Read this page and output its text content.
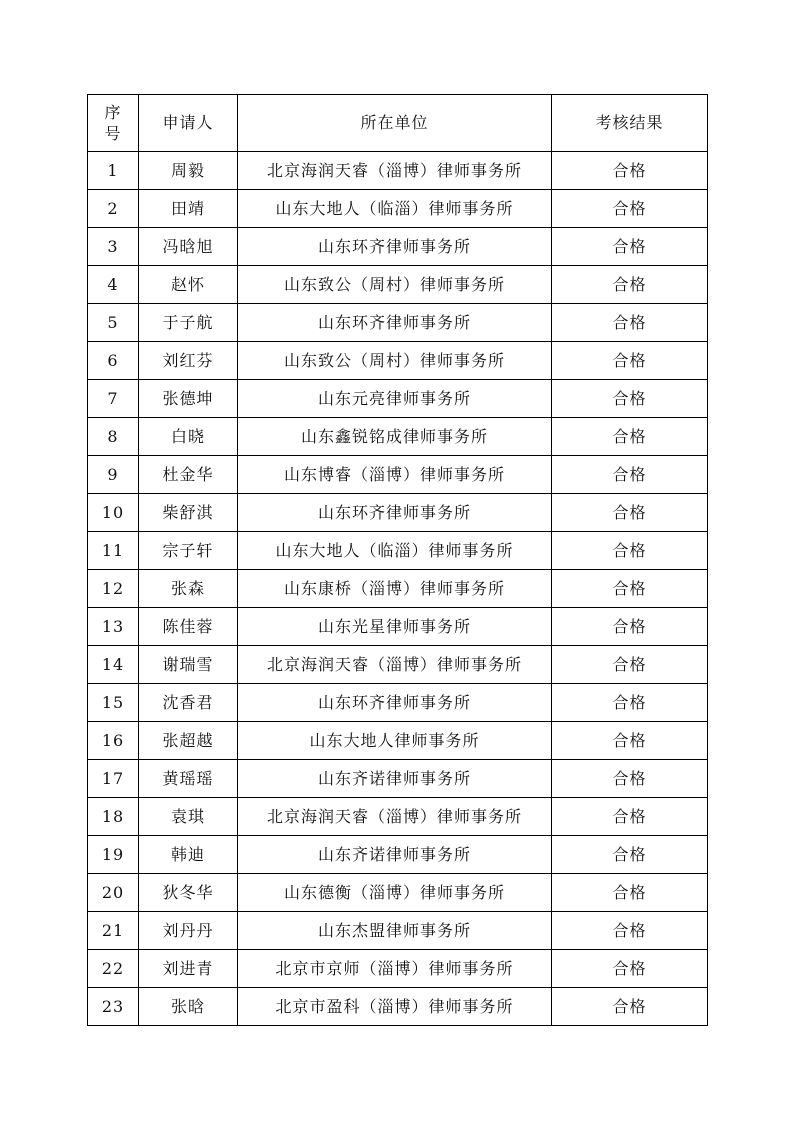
序
号	申请人	所在单位	考核结果
1	周毅	北京海润天睿（淄博）律师事务所	合格
2	田靖	山东大地人（临淄）律师事务所	合格
3	冯晗旭	山东环齐律师事务所	合格
4	赵怀	山东致公（周村）律师事务所	合格
5	于子航	山东环齐律师事务所	合格
6	刘红芬	山东致公（周村）律师事务所	合格
7	张德坤	山东元亮律师事务所	合格
8	白晓	山东鑫锐铭成律师事务所	合格
9	杜金华	山东博睿（淄博）律师事务所	合格
10	柴舒淇	山东环齐律师事务所	合格
11	宗子轩	山东大地人（临淄）律师事务所	合格
12	张森	山东康桥（淄博）律师事务所	合格
13	陈佳蓉	山东光星律师事务所	合格
14	谢瑞雪	北京海润天睿（淄博）律师事务所	合格
15	沈香君	山东环齐律师事务所	合格
16	张超越	山东大地人律师事务所	合格
17	黄瑶瑶	山东齐诺律师事务所	合格
18	袁琪	北京海润天睿（淄博）律师事务所	合格
19	韩迪	山东齐诺律师事务所	合格
20	狄冬华	山东德衡（淄博）律师事务所	合格
21	刘丹丹	山东杰盟律师事务所	合格
22	刘进青	北京市京师（淄博）律师事务所	合格
23	张晗	北京市盈科（淄博）律师事务所	合格
